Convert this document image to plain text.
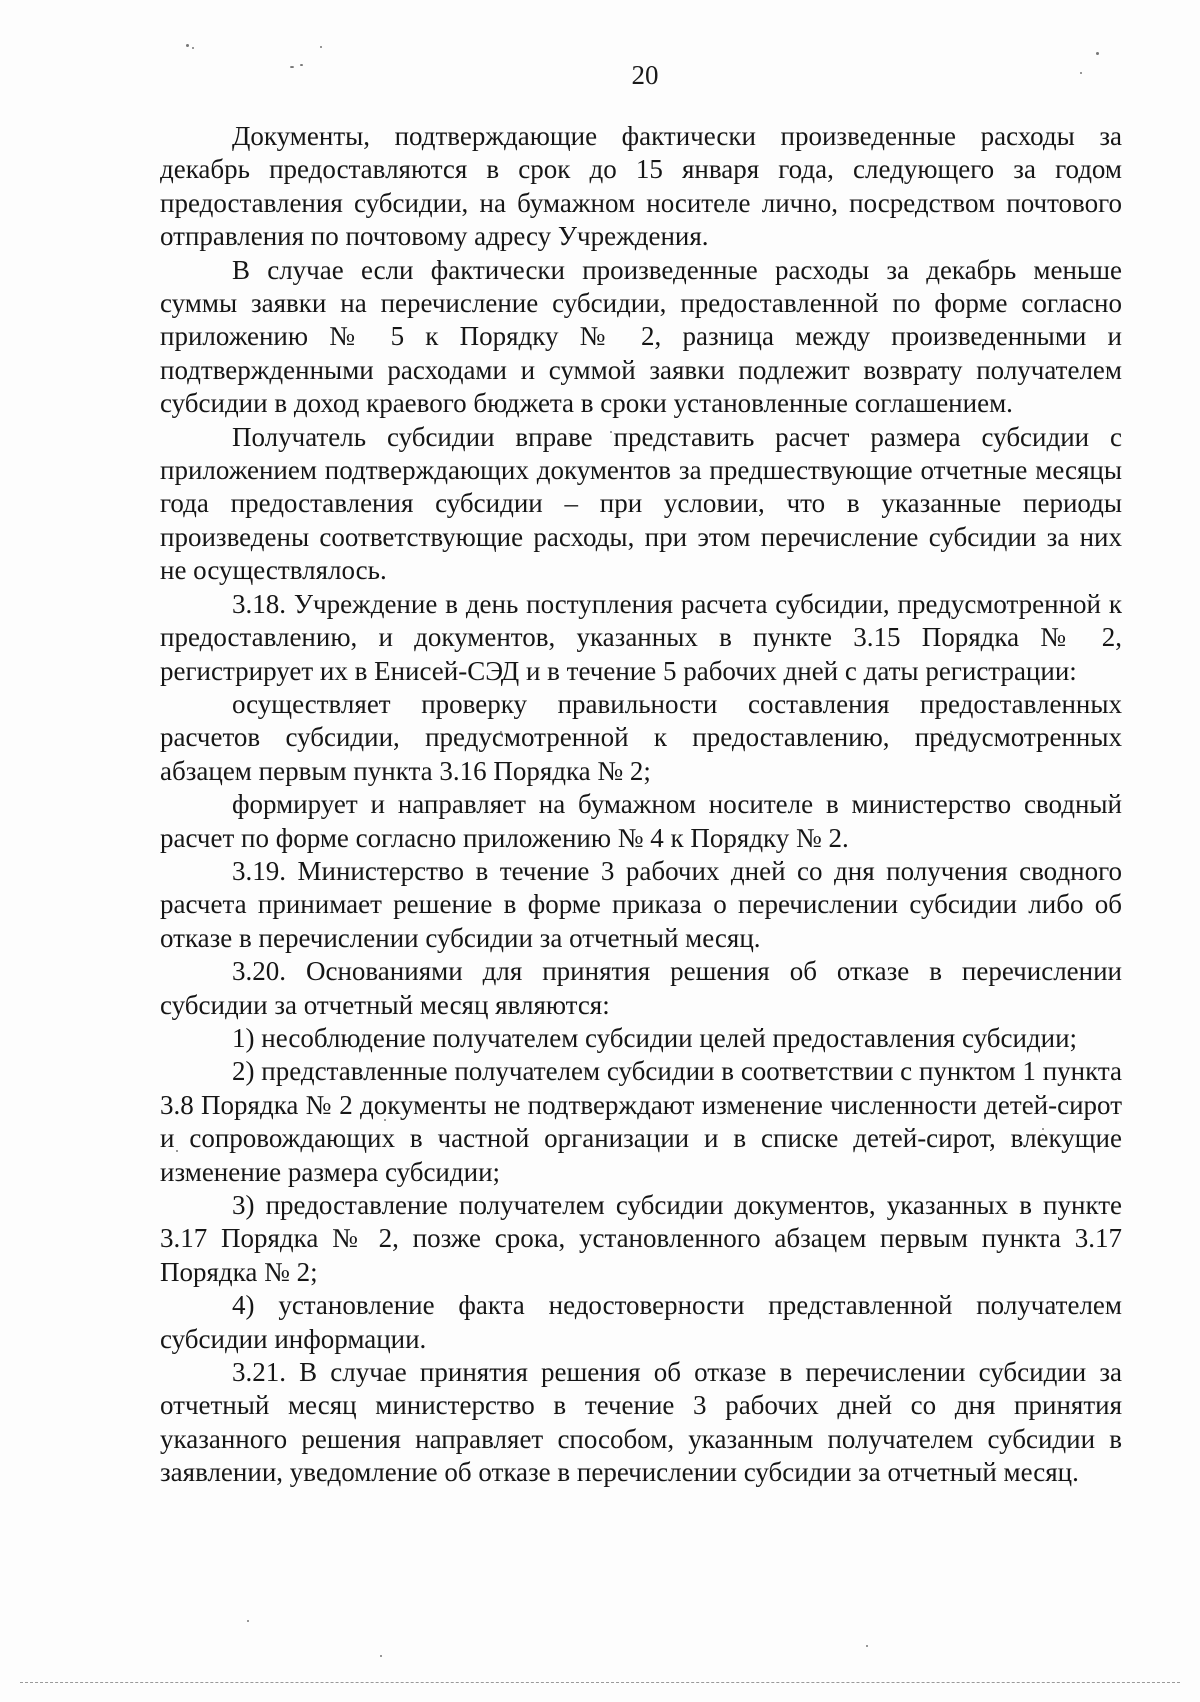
20

Документы, подтверждающие фактически произведенные расходы за декабрь предоставляются в срок до 15 января года, следующего за годом предоставления субсидии, на бумажном носителе лично, посредством почтового отправления по почтовому адресу Учреждения.

В случае если фактически произведенные расходы за декабрь меньше суммы заявки на перечисление субсидии, предоставленной по форме согласно приложению № 5 к Порядку № 2, разница между произведенными и подтвержденными расходами и суммой заявки подлежит возврату получателем субсидии в доход краевого бюджета в сроки установленные соглашением.

Получатель субсидии вправе представить расчет размера субсидии с приложением подтверждающих документов за предшествующие отчетные месяцы года предоставления субсидии – при условии, что в указанные периоды произведены соответствующие расходы, при этом перечисление субсидии за них не осуществлялось.

3.18. Учреждение в день поступления расчета субсидии, предусмотренной к предоставлению, и документов, указанных в пункте 3.15 Порядка № 2, регистрирует их в Енисей-СЭД и в течение 5 рабочих дней с даты регистрации:

осуществляет проверку правильности составления предоставленных расчетов субсидии, предусмотренной к предоставлению, предусмотренных абзацем первым пункта 3.16 Порядка № 2;

формирует и направляет на бумажном носителе в министерство сводный расчет по форме согласно приложению № 4 к Порядку № 2.

3.19. Министерство в течение 3 рабочих дней со дня получения сводного расчета принимает решение в форме приказа о перечислении субсидии либо об отказе в перечислении субсидии за отчетный месяц.

3.20. Основаниями для принятия решения об отказе в перечислении субсидии за отчетный месяц являются:

1) несоблюдение получателем субсидии целей предоставления субсидии;

2) представленные получателем субсидии в соответствии с пунктом 1 пункта 3.8 Порядка № 2 документы не подтверждают изменение численности детей-сирот и сопровождающих в частной организации и в списке детей-сирот, влекущие изменение размера субсидии;

3) предоставление получателем субсидии документов, указанных в пункте 3.17 Порядка № 2, позже срока, установленного абзацем первым пункта 3.17 Порядка № 2;

4) установление факта недостоверности представленной получателем субсидии информации.

3.21. В случае принятия решения об отказе в перечислении субсидии за отчетный месяц министерство в течение 3 рабочих дней со дня принятия указанного решения направляет способом, указанным получателем субсидии в заявлении, уведомление об отказе в перечислении субсидии за отчетный месяц.
